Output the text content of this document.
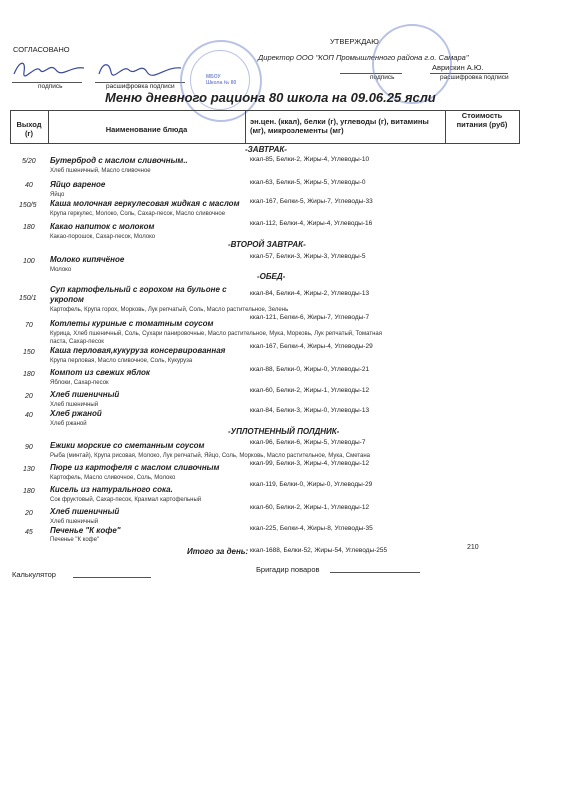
СОГЛАСОВАНО
подпись	расшифровка подписи
МБОУ
Школа № 80
УТВЕРЖДАЮ
Директор ООО "КОП Промышленного района г.о. Самара"
подпись
Аврискин А.Ю.
расшифровка подписи
Меню дневного рациона 80 школа на 09.06.25 ясли
Выход (г)	Наименование блюда
эн.цен. (ккал), белки (г), углеводы (г), витамины (мг), микроэлементы (мг)
Стоимость питания (руб)
-ЗАВТРАК-
5/20 Бутерброд с маслом сливочным..
Хлеб пшеничный, Масло сливочное
ккал-85, Белки-2, Жиры-4, Углеводы-10
40 Яйцо вареное
Яйцо
ккал-63, Белки-5, Жиры-5, Углеводы-0
150/5 Каша молочная геркулесовая жидкая с маслом
Крупа геркулес, Молоко, Соль, Сахар-песок, Масло сливочное
ккал-167, Белки-5, Жиры-7, Углеводы-33
180 Какао напиток с молоком
Какао-порошок, Сахар-песок, Молоко
ккал-112, Белки-4, Жиры-4, Углеводы-16
-ВТОРОЙ ЗАВТРАК-
100 Молоко кипячёное
Молоко
ккал-57, Белки-3, Жиры-3, Углеводы-5
-ОБЕД-
150/1
Суп картофельный с горохом на бульоне с укропом
Картофель, Крупа горох, Морковь, Лук репчатый, Соль, Масло растительное, Зелень
ккал-84, Белки-4, Жиры-2, Углеводы-13
70 Котлеты куриные с томатным соусом
Курица, Хлеб пшеничный, Соль, Сухари панировочные, Масло растительное, Мука, Морковь, Лук репчатый, Томатная паста, Сахар-песок
ккал-121, Белки-6, Жиры-7, Углеводы-7
150 Каша перловая,кукуруза консервированная
Крупа перловая, Масло сливочное, Соль, Кукуруза
ккал-167, Белки-4, Жиры-4, Углеводы-29
180 Компот из свежих яблок
Яблоки, Сахар-песок
ккал-88, Белки-0, Жиры-0, Углеводы-21
20 Хлеб пшеничный
Хлеб пшеничный
ккал-60, Белки-2, Жиры-1, Углеводы-12
40 Хлеб ржаной
Хлеб ржаной
ккал-84, Белки-3, Жиры-0, Углеводы-13
-УПЛОТНЕННЫЙ ПОЛДНИК-
90 Ежики морские со сметанным соусом
Рыба (минтай), Крупа рисовая, Молоко, Лук репчатый, Яйцо, Соль, Морковь, Масло растительное, Мука, Сметана
ккал-96, Белки-6, Жиры-5, Углеводы-7
130 Пюре из картофеля с маслом сливочным
Картофель, Масло сливочное, Соль, Молоко
ккал-99, Белки-3, Жиры-4, Углеводы-12
180 Кисель из натурального сока.
Сок фруктовый, Сахар-песок, Крахмал картофельный
ккал-119, Белки-0, Жиры-0, Углеводы-29
20 Хлеб пшеничный
Хлеб пшеничный
ккал-60, Белки-2, Жиры-1, Углеводы-12
45 Печенье "К кофе"
Печенье "К кофе"
ккал-225, Белки-4, Жиры-8, Углеводы-35
Итого за день: ккал-1688, Белки-52, Жиры-54, Углеводы-255	210
Калькулятор
Бригадир поваров
